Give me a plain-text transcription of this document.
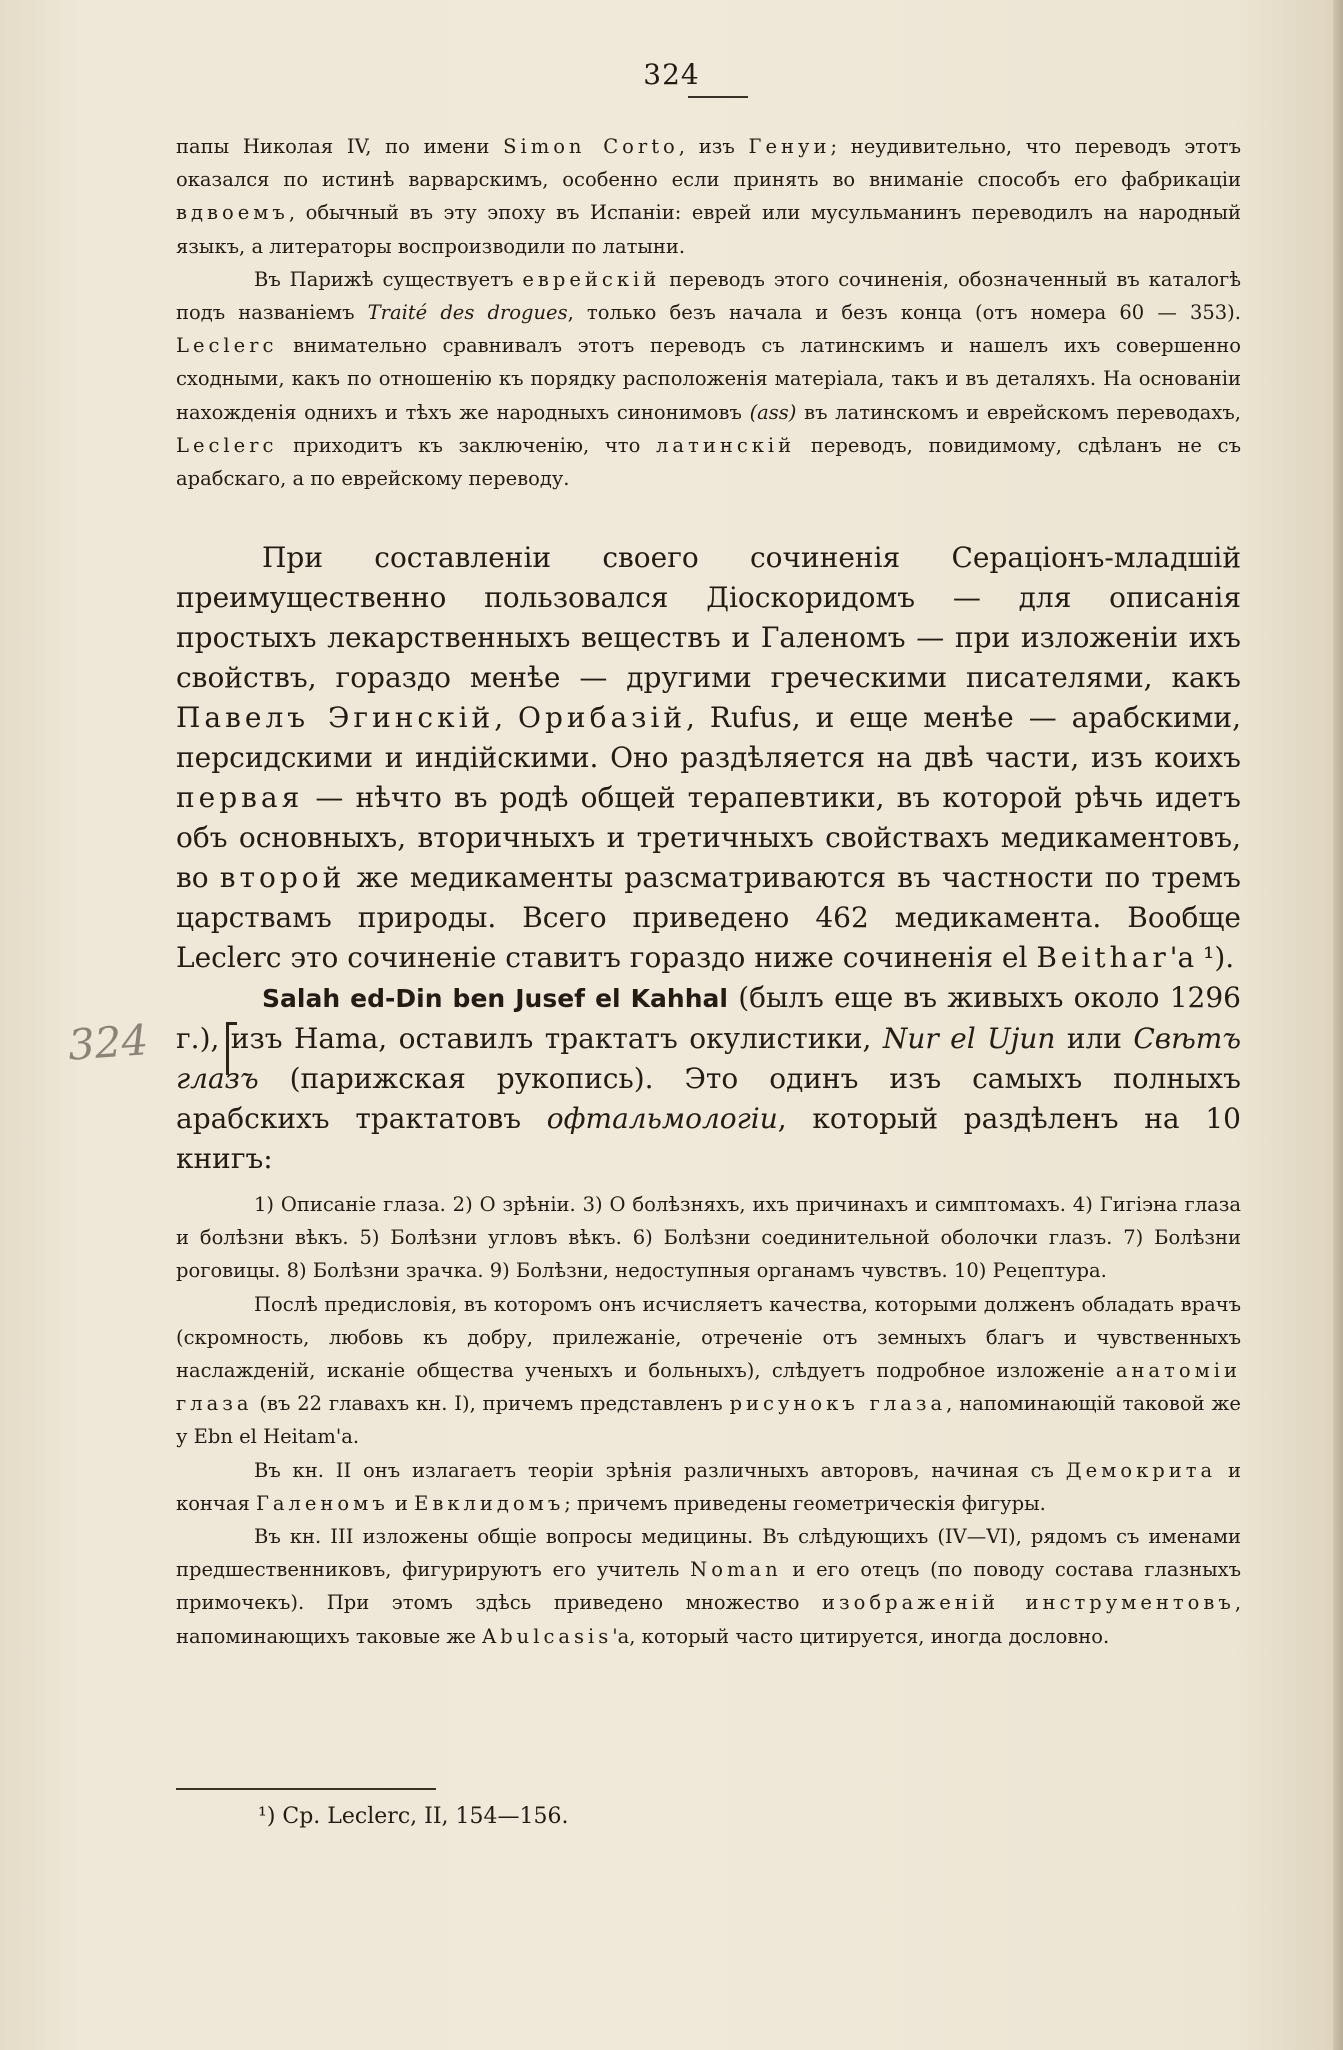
324

папы Николая IV, по имени Simon Corto, изъ Генуи; неудивительно, что переводъ этотъ оказался по истинѣ варварскимъ, особенно если принять во вниманіе способъ его фабрикаціи вдвоемъ, обычный въ эту эпоху въ Испаніи: еврей или мусульманинъ переводилъ на народный языкъ, а литераторы воспроизводили по латыни.

Въ Парижѣ существуетъ еврейскій переводъ этого сочиненія, обозначенный въ каталогѣ подъ названіемъ Traité des drogues, только безъ начала и безъ конца (отъ номера 60 — 353). Leclerc внимательно сравнивалъ этотъ переводъ съ латинскимъ и нашелъ ихъ совершенно сходными, какъ по отношенію къ порядку расположенія матеріала, такъ и въ деталяхъ. На основаніи нахожденія однихъ и тѣхъ же народныхъ синонимовъ (ass) въ латинскомъ и еврейскомъ переводахъ, Leclerc приходитъ къ заключенію, что латинскій переводъ, повидимому, сдѣланъ не съ арабскаго, а по еврейскому переводу.

При составленіи своего сочиненія Сераціонъ-младшій преимущественно пользовался Діоскоридомъ — для описанія простыхъ лекарственныхъ веществъ и Галеномъ — при изложеніи ихъ свойствъ, гораздо менѣе — другими греческими писателями, какъ Павелъ Эгинскій, Орибазій, Rufus, и еще менѣе — арабскими, персидскими и индійскими. Оно раздѣляется на двѣ части, изъ коихъ первая — нѣчто въ родѣ общей терапевтики, въ которой рѣчь идетъ объ основныхъ, вторичныхъ и третичныхъ свойствахъ медикаментовъ, во второй же медикаменты разсматриваются въ частности по тремъ царствамъ природы. Всего приведено 462 медикамента. Вообще Leclerc это сочиненіе ставитъ гораздо ниже сочиненія el Beithar'а ¹).

Salah ed-Din ben Jusef el Kahhal (былъ еще въ живыхъ около 1296 г.), изъ Hama, оставилъ трактатъ окулистики, Nur el Ujun или Свѣтъ глазъ (парижская рукопись). Это одинъ изъ самыхъ полныхъ арабскихъ трактатовъ офтальмологіи, который раздѣленъ на 10 книгъ:

1) Описаніе глаза. 2) О зрѣніи. 3) О болѣзняхъ, ихъ причинахъ и симптомахъ. 4) Гигіэна глаза и болѣзни вѣкъ. 5) Болѣзни угловъ вѣкъ. 6) Болѣзни соединительной оболочки глазъ. 7) Болѣзни роговицы. 8) Болѣзни зрачка. 9) Болѣзни, недоступныя органамъ чувствъ. 10) Рецептура.

Послѣ предисловія, въ которомъ онъ исчисляетъ качества, которыми долженъ обладать врачъ (скромность, любовь къ добру, прилежаніе, отреченіе отъ земныхъ благъ и чувственныхъ наслажденій, исканіе общества ученыхъ и больныхъ), слѣдуетъ подробное изложеніе анатоміи глаза (въ 22 главахъ кн. I), причемъ представленъ рисунокъ глаза, напоминающій таковой же у Ebn el Heitam'а.

Въ кн. II онъ излагаетъ теоріи зрѣнія различныхъ авторовъ, начиная съ Демокрита и кончая Галеномъ и Евклидомъ; причемъ приведены геометрическія фигуры.

Въ кн. III изложены общіе вопросы медицины. Въ слѣдующихъ (IV—VI), рядомъ съ именами предшественниковъ, фигурируютъ его учитель Noman и его отецъ (по поводу состава глазныхъ примочекъ). При этомъ здѣсь приведено множество изображеній инструментовъ, напоминающихъ таковые же Abulcasis'а, который часто цитируется, иногда дословно.

324
¹) Ср. Leclerc, II, 154—156.
